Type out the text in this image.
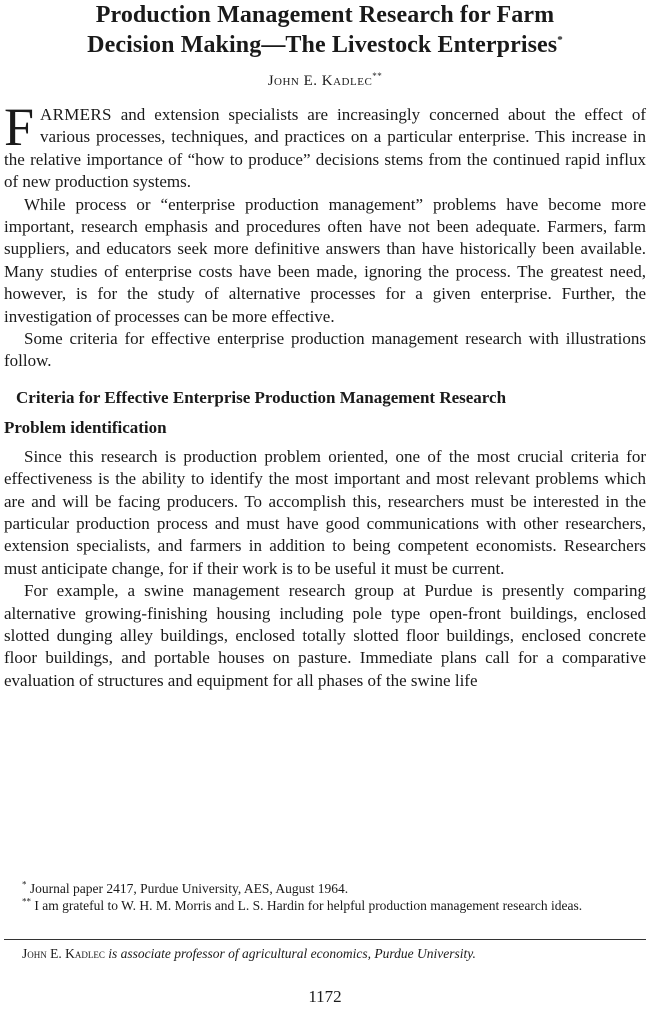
Production Management Research for Farm
Decision Making—The Livestock Enterprises*
John E. Kadlec**

FARMERS and extension specialists are increasingly concerned about the effect of various processes, techniques, and practices on a particular enterprise. This increase in the relative importance of “how to produce” decisions stems from the continued rapid influx of new production systems.

While process or “enterprise production management” problems have become more important, research emphasis and procedures often have not been adequate. Farmers, farm suppliers, and educators seek more definitive answers than have historically been available. Many studies of enterprise costs have been made, ignoring the process. The greatest need, however, is for the study of alternative processes for a given enterprise. Further, the investigation of processes can be more effective.

Some criteria for effective enterprise production management research with illustrations follow.

Criteria for Effective Enterprise Production Management Research
Problem identification

Since this research is production problem oriented, one of the most crucial criteria for effectiveness is the ability to identify the most important and most relevant problems which are and will be facing producers. To accomplish this, researchers must be interested in the particular production process and must have good communications with other researchers, extension specialists, and farmers in addition to being competent economists. Researchers must anticipate change, for if their work is to be useful it must be current.

For example, a swine management research group at Purdue is presently comparing alternative growing-finishing housing including pole type open-front buildings, enclosed slotted dunging alley buildings, enclosed totally slotted floor buildings, enclosed concrete floor buildings, and portable houses on pasture. Immediate plans call for a comparative evaluation of structures and equipment for all phases of the swine life

* Journal paper 2417, Purdue University, AES, August 1964.

** I am grateful to W. H. M. Morris and L. S. Hardin for helpful production management research ideas.

John E. Kadlec is associate professor of agricultural economics, Purdue University.
1172
